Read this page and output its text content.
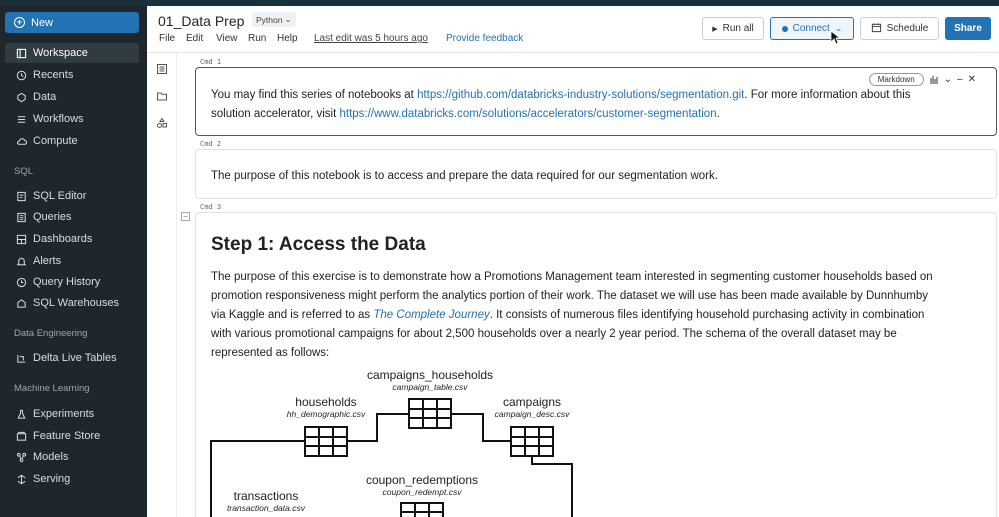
+ New
Workspace
Recents
Data
Workflows
Compute
SQL
SQL Editor
Queries
Dashboards
Alerts
Query History
SQL Warehouses
Data Engineering
Delta Live Tables
Machine Learning
Experiments
Feature Store
Models
Serving
01_Data Prep Python ⌄
File Edit View Run Help Last edit was 5 hours ago Provide feedback
▶ Run all	Connect ⌄	Schedule	Share
Cmd 1
Markdown	⌄ – ✕
You may find this series of notebooks at https://github.com/databricks-industry-solutions/segmentation.git. For more information about this
solution accelerator, visit https://www.databricks.com/solutions/accelerators/customer-segmentation.
Cmd 2
The purpose of this notebook is to access and prepare the data required for our segmentation work.
Cmd 3
−
Step 1: Access the Data
The purpose of this exercise is to demonstrate how a Promotions Management team interested in segmenting customer households based on
promotion responsiveness might perform the analytics portion of their work. The dataset we will use has been made available by Dunnhumby
via Kaggle and is referred to as The Complete Journey. It consists of numerous files identifying household purchasing activity in combination
with various promotional campaigns for about 2,500 households over a nearly 2 year period. The schema of the overall dataset may be
represented as follows:
campaigns_households
campaign_table.csv
households
hh_demographic.csv
campaigns
campaign_desc.csv
coupon_redemptions
coupon_redempt.csv
transactions
transaction_data.csv
